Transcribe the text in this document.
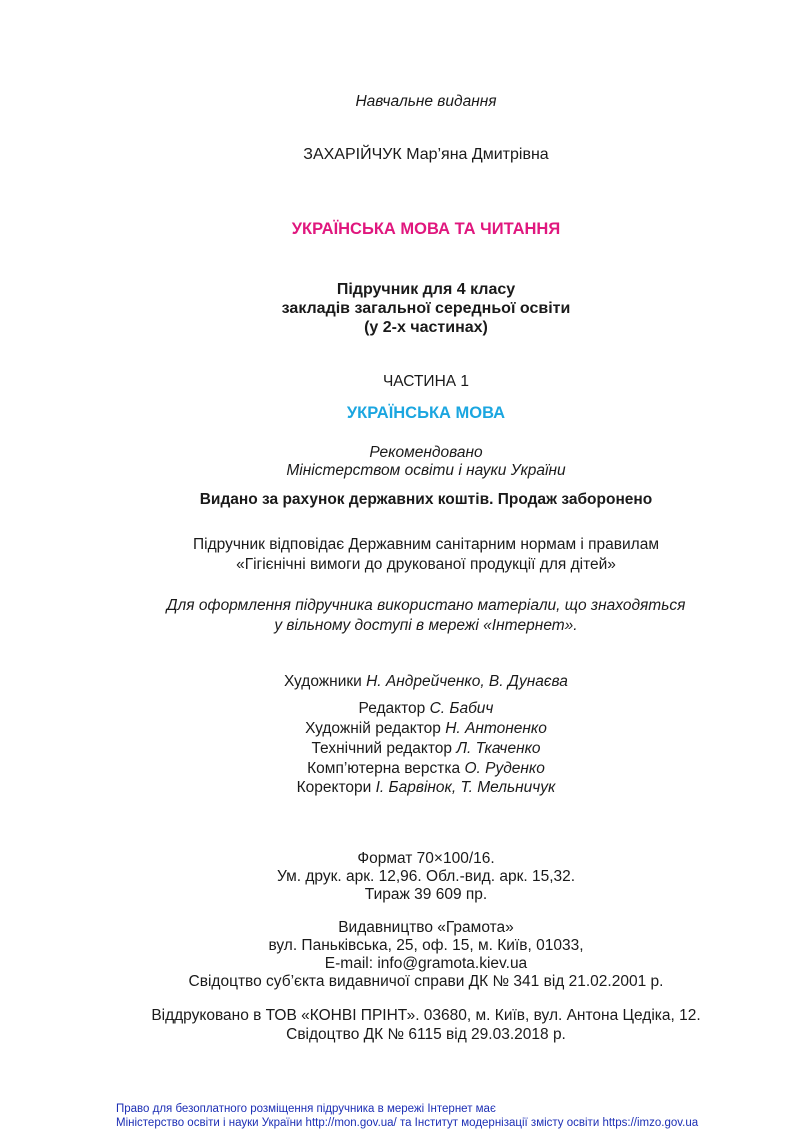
Навчальне видання
ЗАХАРІЙЧУК Мар’яна Дмитрівна
УКРАЇНСЬКА МОВА ТА ЧИТАННЯ
Підручник для 4 класу
закладів загальної середньої освіти
(у 2-х частинах)
ЧАСТИНА 1
УКРАЇНСЬКА МОВА
Рекомендовано
Міністерством освіти і науки України
Видано за рахунок державних коштів. Продаж заборонено
Підручник відповідає Державним санітарним нормам і правилам
«Гігієнічні вимоги до друкованої продукції для дітей»
Для оформлення підручника використано матеріали, що знаходяться
у вільному доступі в мережі «Інтернет».
Художники Н. Андрейченко, В. Дунаєва
Редактор С. Бабич
Художній редактор Н. Антоненко
Технічний редактор Л. Ткаченко
Комп’ютерна верстка О. Руденко
Коректори І. Барвінок, Т. Мельничук
Формат 70×100/16.
Ум. друк. арк. 12,96. Обл.-вид. арк. 15,32.
Тираж 39 609 пр.
Видавництво «Грамота»
вул. Паньківська, 25, оф. 15, м. Київ, 01033,
E-mail: info@gramota.kiev.ua
Свідоцтво суб’єкта видавничої справи ДК № 341 від 21.02.2001 р.
Віддруковано в ТОВ «КОНВІ ПРІНТ». 03680, м. Київ, вул. Антона Цедіка, 12.
Свідоцтво ДК № 6115 від 29.03.2018 р.
Право для безоплатного розміщення підручника в мережі Інтернет має
Міністерство освіти і науки України http://mon.gov.ua/ та Інститут модернізації змісту освіти https://imzo.gov.ua
